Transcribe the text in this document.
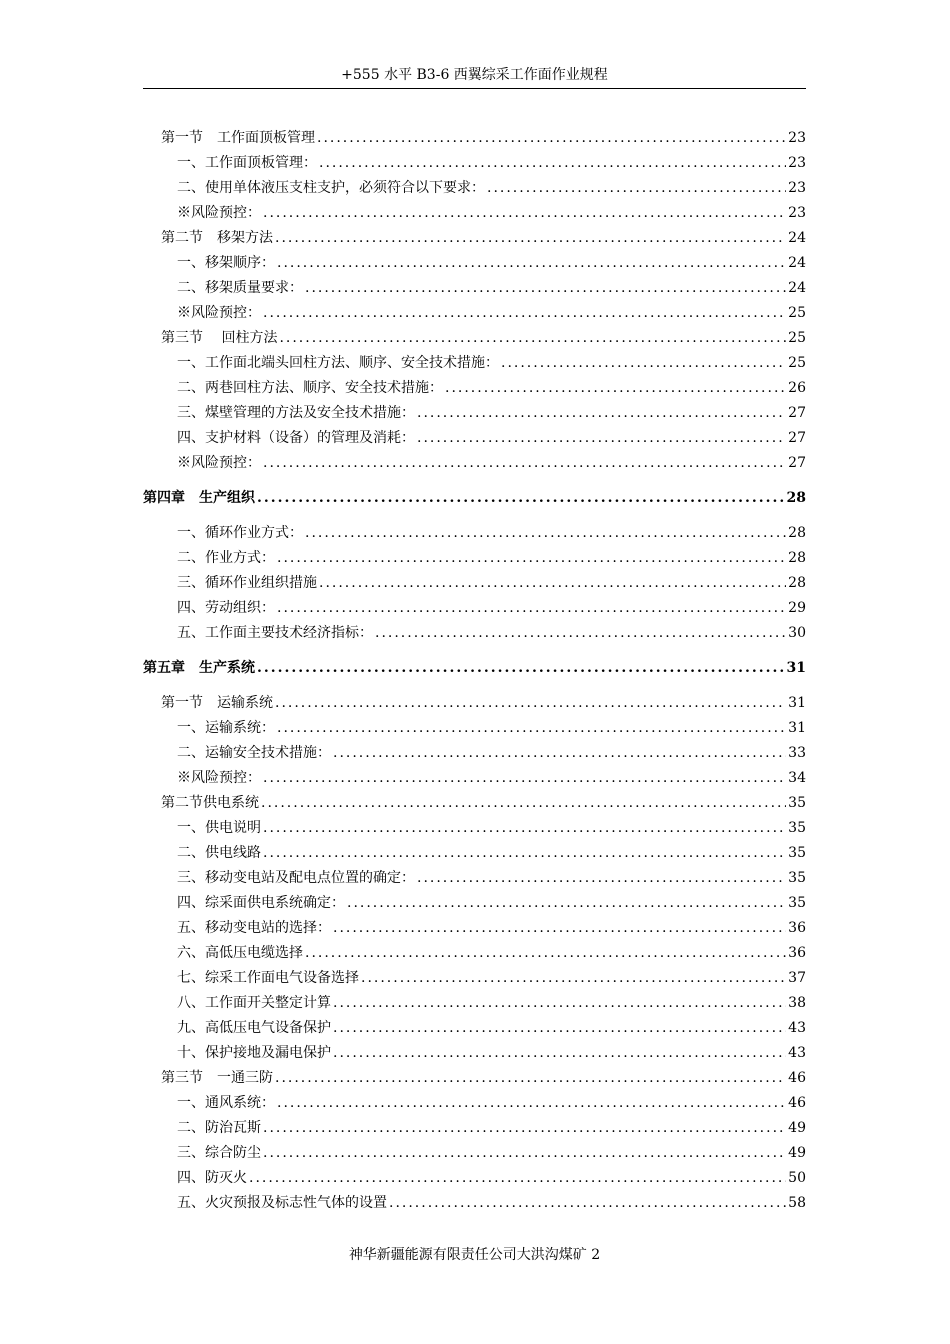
+555 水平 B3-6 西翼综采工作面作业规程
第一节　工作面顶板管理 .....	23
一、工作面顶板管理： .....	23
二、使用单体液压支柱支护，必须符合以下要求： .....	23
※风险预控： .....	23
第二节　移架方法 .....	24
一、移架顺序： .....	24
二、移架质量要求： .....	24
※风险预控： .....	25
第三节　 回柱方法 .....	25
一、工作面北端头回柱方法、顺序、安全技术措施： .....	25
二、两巷回柱方法、顺序、安全技术措施： .....	26
三、煤壁管理的方法及安全技术措施： .....	27
四、支护材料（设备）的管理及消耗： .....	27
※风险预控： .....	27
第四章　生产组织 .....	28
一、循环作业方式： .....	28
二、作业方式： .....	28
三、循环作业组织措施 .....	28
四、劳动组织： .....	29
五、工作面主要技术经济指标： .....	30
第五章　生产系统 .....	31
第一节　运输系统 .....	31
一、运输系统： .....	31
二、运输安全技术措施： .....	33
※风险预控： .....	34
第二节供电系统 .....	35
一、供电说明 .....	35
二、供电线路 .....	35
三、移动变电站及配电点位置的确定： .....	35
四、综采面供电系统确定： .....	35
五、移动变电站的选择： .....	36
六、高低压电缆选择 .....	36
七、综采工作面电气设备选择 .....	37
八、工作面开关整定计算 .....	38
九、高低压电气设备保护 .....	43
十、保护接地及漏电保护 .....	43
第三节　一通三防 .....	46
一、通风系统： .....	46
二、防治瓦斯 .....	49
三、综合防尘 .....	49
四、防灭火 .....	50
五、火灾预报及标志性气体的设置 .....	58
神华新疆能源有限责任公司大洪沟煤矿 2
